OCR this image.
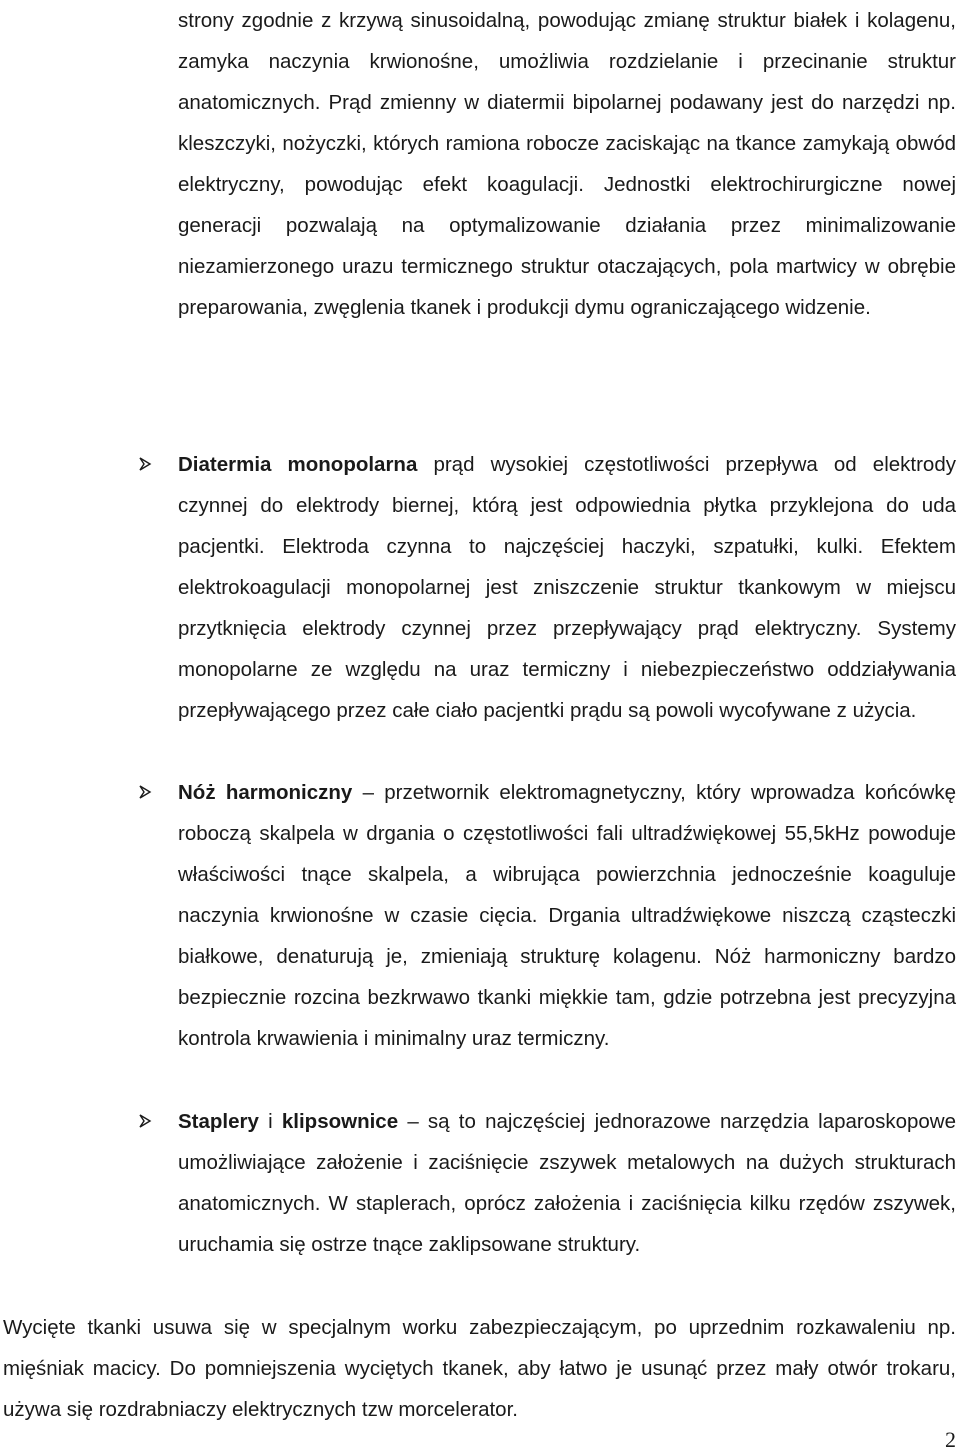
strony zgodnie z krzywą sinusoidalną, powodując zmianę struktur białek i kolagenu, zamyka naczynia krwionośne, umożliwia rozdzielanie i przecinanie struktur anatomicznych. Prąd zmienny w diatermii bipolarnej podawany jest do narzędzi np. kleszczyki, nożyczki, których ramiona robocze zaciskając na tkance zamykają obwód elektryczny, powodując efekt koagulacji. Jednostki elektrochirurgiczne nowej generacji pozwalają na optymalizowanie działania przez minimalizowanie niezamierzonego urazu termicznego struktur otaczających, pola martwicy w obrębie preparowania, zwęglenia tkanek i produkcji dymu ograniczającego widzenie.

Diatermia monopolarna prąd wysokiej częstotliwości przepływa od elektrody czynnej do elektrody biernej, którą jest odpowiednia płytka przyklejona do uda pacjentki. Elektroda czynna to najczęściej haczyki, szpatułki, kulki. Efektem elektrokoagulacji monopolarnej jest zniszczenie struktur tkankowym w miejscu przytknięcia elektrody czynnej przez przepływający prąd elektryczny. Systemy monopolarne ze względu na uraz termiczny i niebezpieczeństwo oddziaływania przepływającego przez całe ciało pacjentki prądu są powoli wycofywane z użycia.

Nóż harmoniczny – przetwornik elektromagnetyczny, który wprowadza końcówkę roboczą skalpela w drgania o częstotliwości fali ultradźwiękowej 55,5kHz powoduje właściwości tnące skalpela, a wibrująca powierzchnia jednocześnie koaguluje naczynia krwionośne w czasie cięcia. Drgania ultradźwiękowe niszczą cząsteczki białkowe, denaturują je, zmieniają strukturę kolagenu. Nóż harmoniczny bardzo bezpiecznie rozcina bezkrwawo tkanki miękkie tam, gdzie potrzebna jest precyzyjna kontrola krwawienia i minimalny uraz termiczny.

Staplery i klipsownice – są to najczęściej jednorazowe narzędzia laparoskopowe umożliwiające założenie i zaciśnięcie zszywek metalowych na dużych strukturach anatomicznych. W staplerach, oprócz założenia i zaciśnięcia kilku rzędów zszywek, uruchamia się ostrze tnące zaklipsowane struktury.

Wycięte tkanki usuwa się w specjalnym worku zabezpieczającym, po uprzednim rozkawaleniu np. mięśniak macicy. Do pomniejszenia wyciętych tkanek, aby łatwo je usunąć przez mały otwór trokaru, używa się rozdrabniaczy elektrycznych tzw morcelerator.

2
